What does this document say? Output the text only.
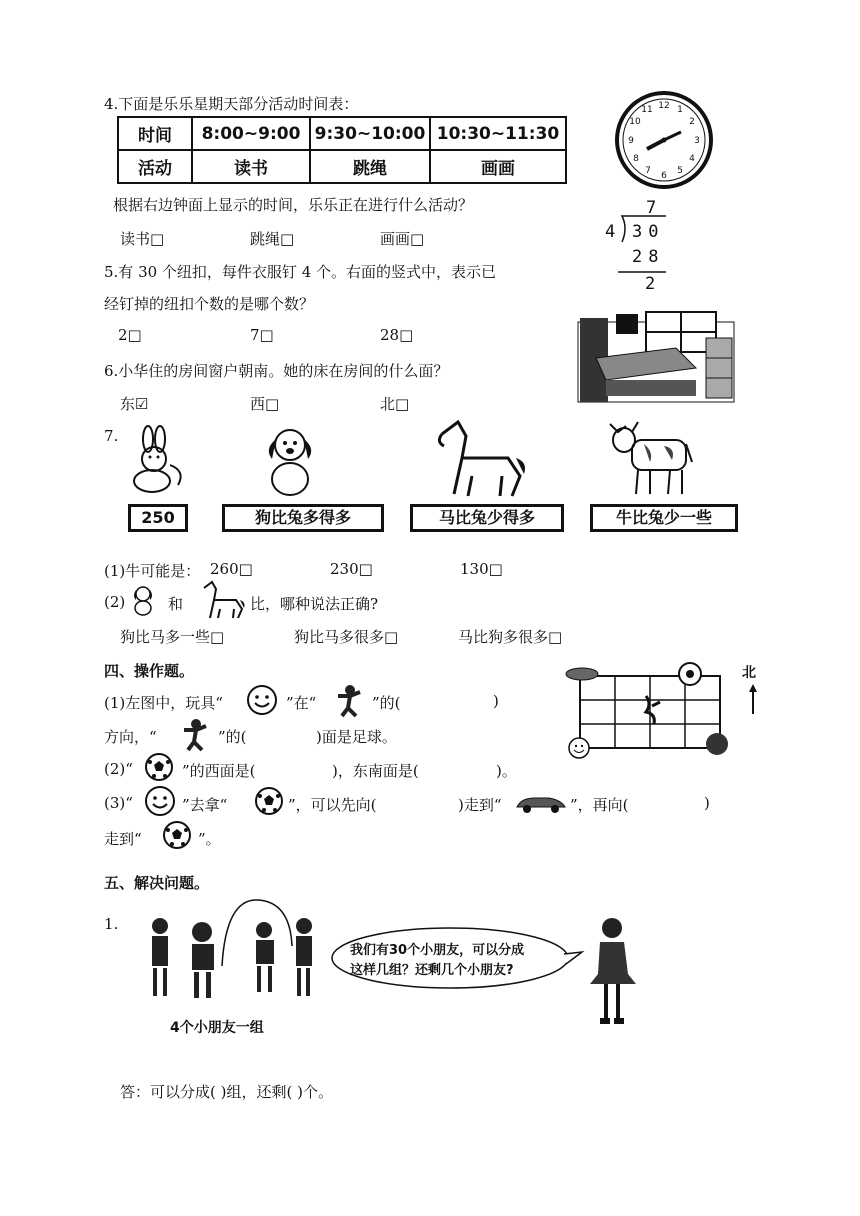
4.下面是乐乐星期天部分活动时间表：
时间	8:00~9:00	9:30~10:00	10:30~11:30
活动	读书	跳绳	画画
12 1
2
3
4
5
6
7
8
9
10
11
根据右边钟面上显示的时间，乐乐正在进行什么活动？
读书□	跳绳□	画画□
7
4 30
28
2
5.有 30 个纽扣，每件衣服钉 4 个。右面的竖式中，表示已
经钉掉的纽扣个数的是哪个数？
2□	7□	28□
6.小华住的房间窗户朝南。她的床在房间的什么面？
东☑	西□	北□
7.
250	狗比兔多得多	马比兔少得多	牛比兔少一些
(1)牛可能是： 260□	230□	130□
(2)	和	比，哪种说法正确?
狗比马多一些□	狗比马多很多□	马比狗多很多□
四、操作题。	北
(1)左图中，玩具“	”在“	”的(	)
方向，“	”的(	)面是足球。
(2)“	”的西面是(	)，东南面是(	)。
(3)“	”去拿“	”，可以先向(	)走到“	”，再向(	)
走到“	”。
五、解决问题。
1.
4个小朋友一组
我们有30个小朋友，可以分成
这样几组？还剩几个小朋友?
答：可以分成( )组，还剩( )个。
